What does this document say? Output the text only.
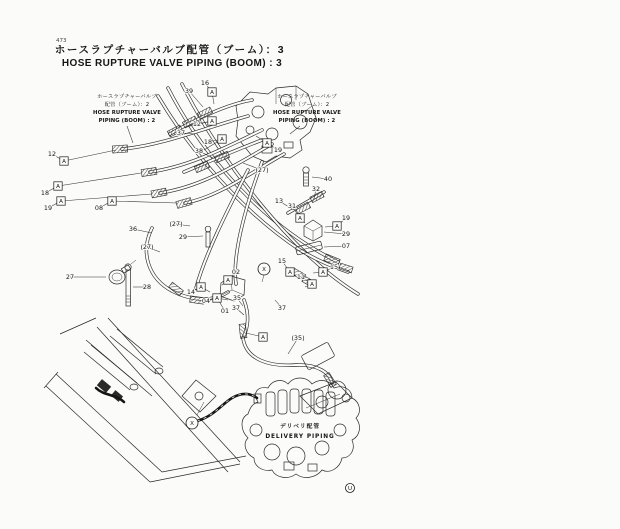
473
ホースラプチャーバルブ配管（ブーム）：3
HOSE RUPTURE VALVE PIPING (BOOM) : 3
ホースラプチャーバルブ
配管（ブーム）：2
HOSE RUPTURE VALVE
PIPING (BOOM) : 2
ホースラプチャーバルブ
配管（ブーム）：2
HOSE RUPTURE VALVE
PIPING (BOOM) : 2
デリベリ配管
DELIVERY PIPING
A
12
A
18
A
19
A
08
36
39	A
16
A
12
37
A
18
38
A
19
(27)
40
32
13
A
31
A
19
29
07
(27)
29
(27)
27
28
A
02
A
14
04 A
01
35
37
A
15
A
11
A
15
37
(35)
A
X
X
U
